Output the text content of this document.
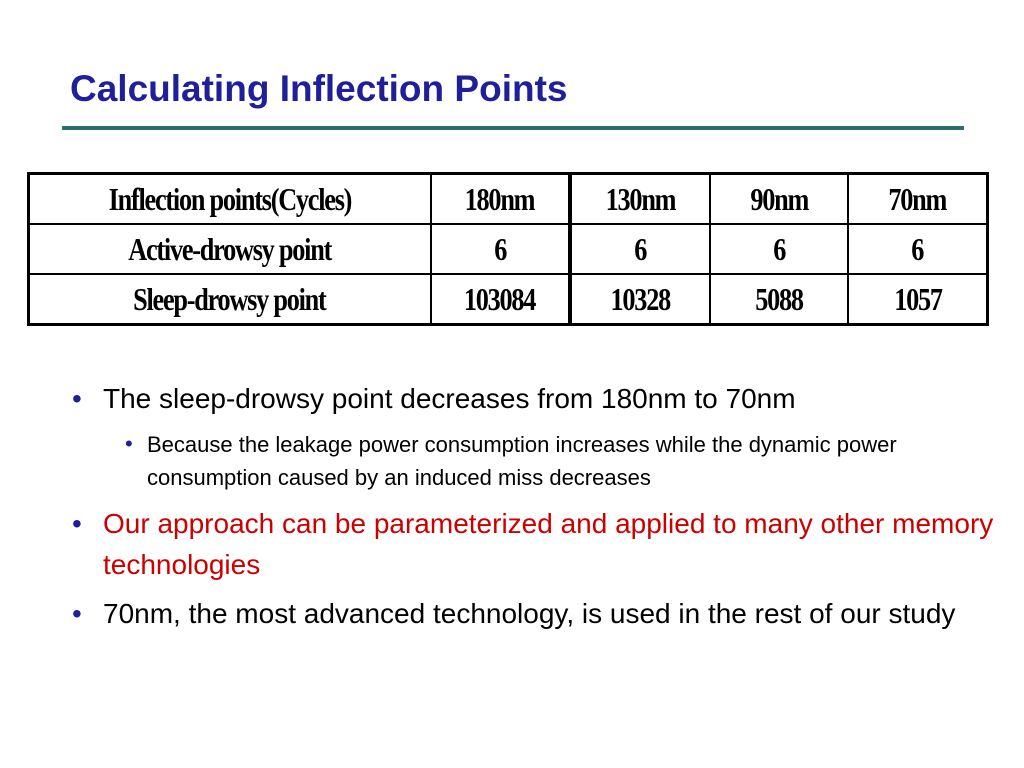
Calculating Inflection Points
Inflection points(Cycles)	180nm	130nm	90nm	70nm
Active-drowsy point	6	6	6	6
Sleep-drowsy point	103084	10328	5088	1057
• The sleep-drowsy point decreases from 180nm to 70nm
• Because the leakage power consumption increases while the dynamic power consumption caused by an induced miss decreases
• Our approach can be parameterized and applied to many other memory technologies
• 70nm, the most advanced technology, is used in the rest of our study
